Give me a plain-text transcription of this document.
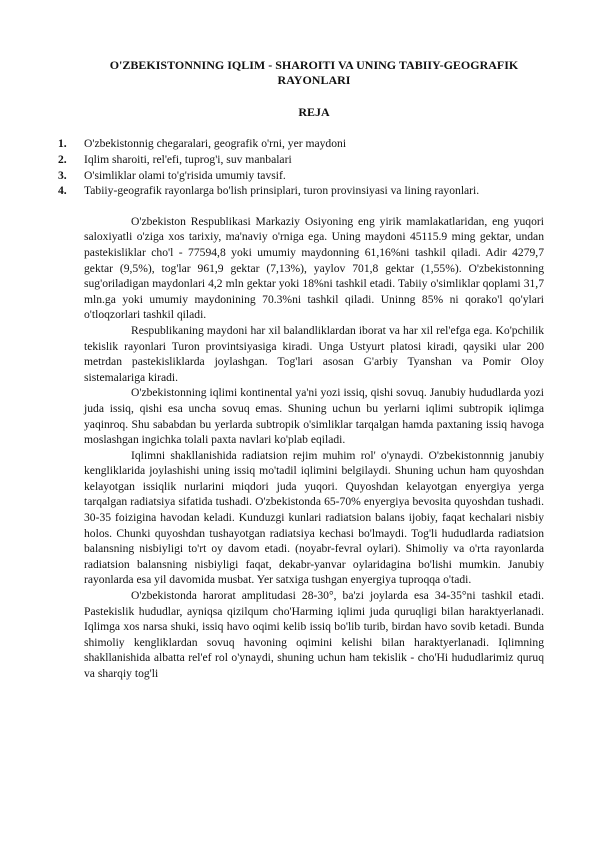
O'ZBEKISTONNING IQLIM - SHAROITI VA UNING TABIIY-GEOGRAFIK RAYONLARI
REJA
1.	O'zbekistonnig chegaralari, geografik o'rni, yer maydoni
2.	Iqlim sharoiti, rel'efi, tuprog'i, suv manbalari
3.	O'simliklar olami to'g'risida umumiy tavsif.
4.	Tabiiy-geografik rayonlarga bo'lish prinsiplari, turon provinsiyasi va lining rayonlari.

O'zbekiston Respublikasi Markaziy Osiyoning eng yirik mamlakatlaridan, eng yuqori saloxiyatli o'ziga xos tarixiy, ma'naviy o'rniga ega. Uning maydoni 45115.9 ming gektar, undan pastekisliklar cho'l - 77594,8 yoki umumiy maydonning 61,16%ni tashkil qiladi. Adir 4279,7 gektar (9,5%), tog'lar 961,9 gektar (7,13%), yaylov 701,8 gektar (1,55%). O'zbekistonning sug'oriladigan maydonlari 4,2 mln gektar yoki 18%ni tashkil etadi. Tabiiy o'simliklar qoplami 31,7 mln.ga yoki umumiy maydonining 70.3%ni tashkil qiladi. Uninng 85% ni qorako'l qo'ylari o'tloqzorlari tashkil qiladi.

Respublikaning maydoni har xil balandliklardan iborat va har xil rel'efga ega. Ko'pchilik tekislik rayonlari Turon provintsiyasiga kiradi. Unga Ustyurt platosi kiradi, qaysiki ular 200 metrdan pastekisliklarda joylashgan. Tog'lari asosan G'arbiy Tyanshan va Pomir Oloy sistemalariga kiradi.

O'zbekistonning iqlimi kontinental ya'ni yozi issiq, qishi sovuq. Janubiy hududlarda yozi juda issiq, qishi esa uncha sovuq emas. Shuning uchun bu yerlarni iqlimi subtropik iqlimga yaqinroq. Shu sababdan bu yerlarda subtropik o'simliklar tarqalgan hamda paxtaning issiq havoga moslashgan ingichka tolali paxta navlari ko'plab eqiladi.

Iqlimni shakllanishida radiatsion rejim muhim rol' o'ynaydi. O'zbekistonnnig janubiy kengliklarida joylashishi uning issiq mo'tadil iqlimini belgilaydi. Shuning uchun ham quyoshdan kelayotgan issiqlik nurlarini miqdori juda yuqori. Quyoshdan kelayotgan enyergiya yerga tarqalgan radiatsiya sifatida tushadi. O'zbekistonda 65-70% enyergiya bevosita quyoshdan tushadi. 30-35 foizigina havodan keladi. Kunduzgi kunlari radiatsion balans ijobiy, faqat kechalari nisbiy holos. Chunki quyoshdan tushayotgan radiatsiya kechasi bo'lmaydi. Tog'li hududlarda radiatsion balansning nisbiyligi to'rt oy davom etadi. (noyabr-fevral oylari). Shimoliy va o'rta rayonlarda radiatsion balansning nisbiyligi faqat, dekabr-yanvar oylaridagina bo'lishi mumkin. Janubiy rayonlarda esa yil davomida musbat. Yer satxiga tushgan enyergiya tuproqqa o'tadi.

O'zbekistonda harorat amplitudasi 28-30°, ba'zi joylarda esa 34-35°ni tashkil etadi. Pastekislik hududlar, ayniqsa qizilqum cho'Harming iqlimi juda quruqligi bilan haraktyerlanadi. Iqlimga xos narsa shuki, issiq havo oqimi kelib issiq bo'lib turib, birdan havo sovib ketadi. Bunda shimoliy kengliklardan sovuq havoning oqimini kelishi bilan haraktyerlanadi. Iqlimning shakllanishida albatta rel'ef rol o'ynaydi, shuning uchun ham tekislik - cho'Hi hududlarimiz quruq va sharqiy tog'li
